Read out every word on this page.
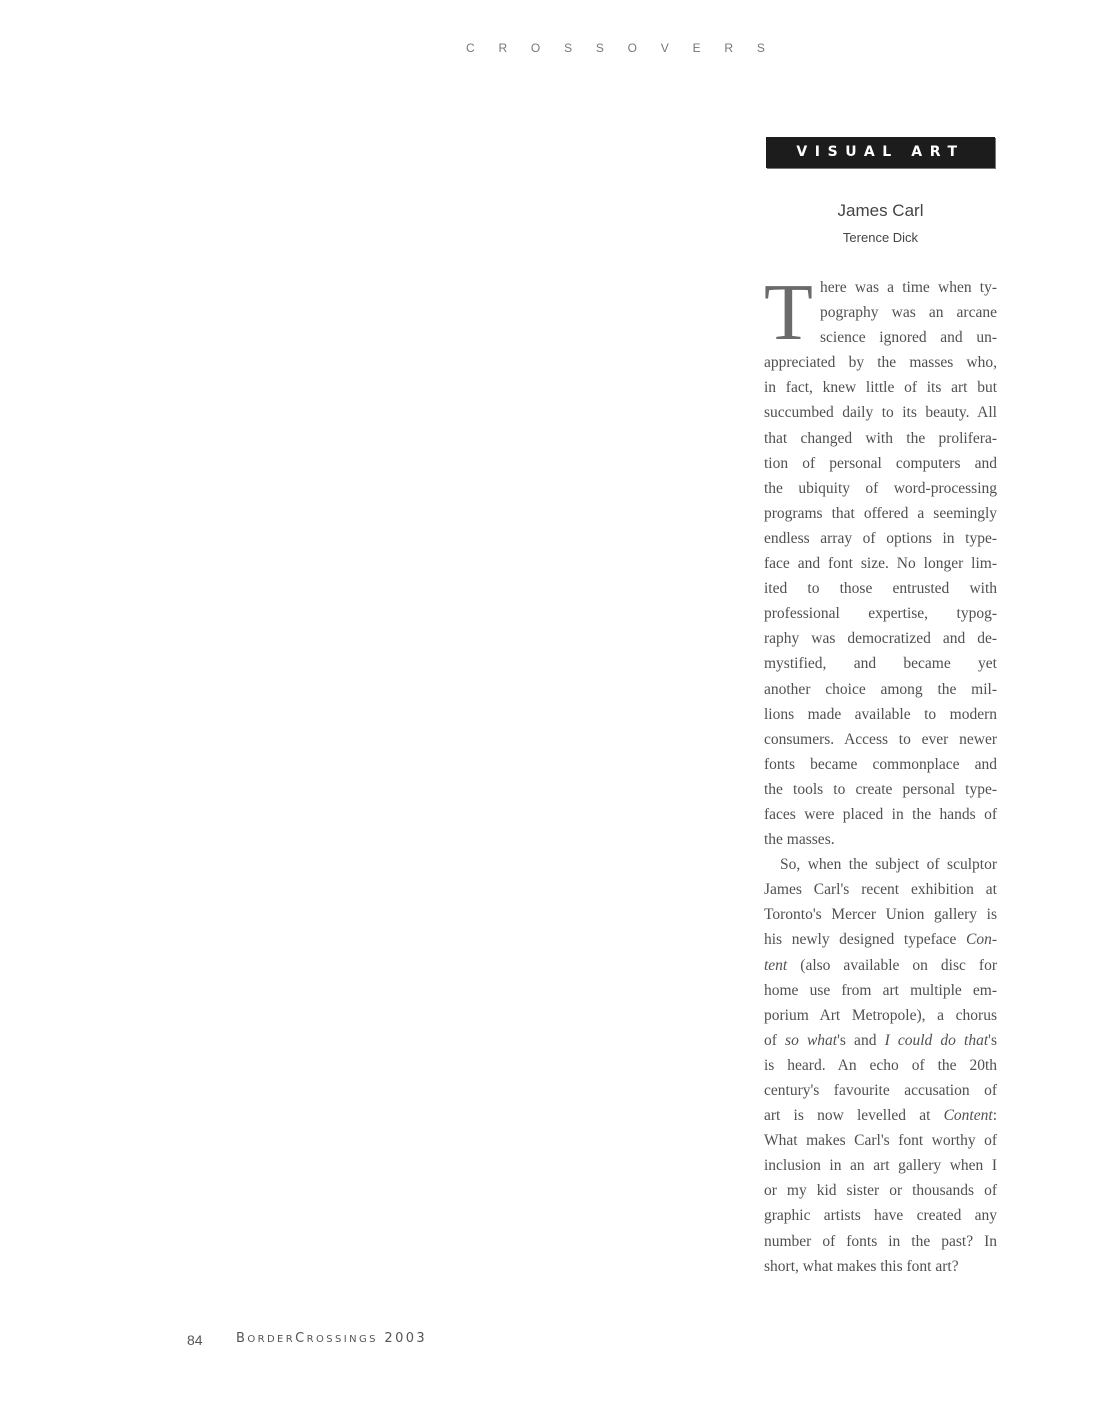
CROSSOVERS
VISUAL ART
James Carl
Terence Dick
T here was a time when ty-
pography was an arcane
science ignored and un-
appreciated by the masses who,
in fact, knew little of its art but
succumbed daily to its beauty. All
that changed with the prolifera-
tion of personal computers and
the ubiquity of word-processing
programs that offered a seemingly
endless array of options in type-
face and font size. No longer lim-
ited to those entrusted with
professional expertise, typog-
raphy was democratized and de-
mystified, and became yet
another choice among the mil-
lions made available to modern
consumers. Access to ever newer
fonts became commonplace and
the tools to create personal type-
faces were placed in the hands of
the masses.
So, when the subject of sculptor
James Carl's recent exhibition at
Toronto's Mercer Union gallery is
his newly designed typeface Con-
tent (also available on disc for
home use from art multiple em-
porium Art Metropole), a chorus
of so what's and I could do that's
is heard. An echo of the 20th
century's favourite accusation of
art is now levelled at Content:
What makes Carl's font worthy of
inclusion in an art gallery when I
or my kid sister or thousands of
graphic artists have created any
number of fonts in the past? In
short, what makes this font art?
84	BORDERCROSSINGS 2003
